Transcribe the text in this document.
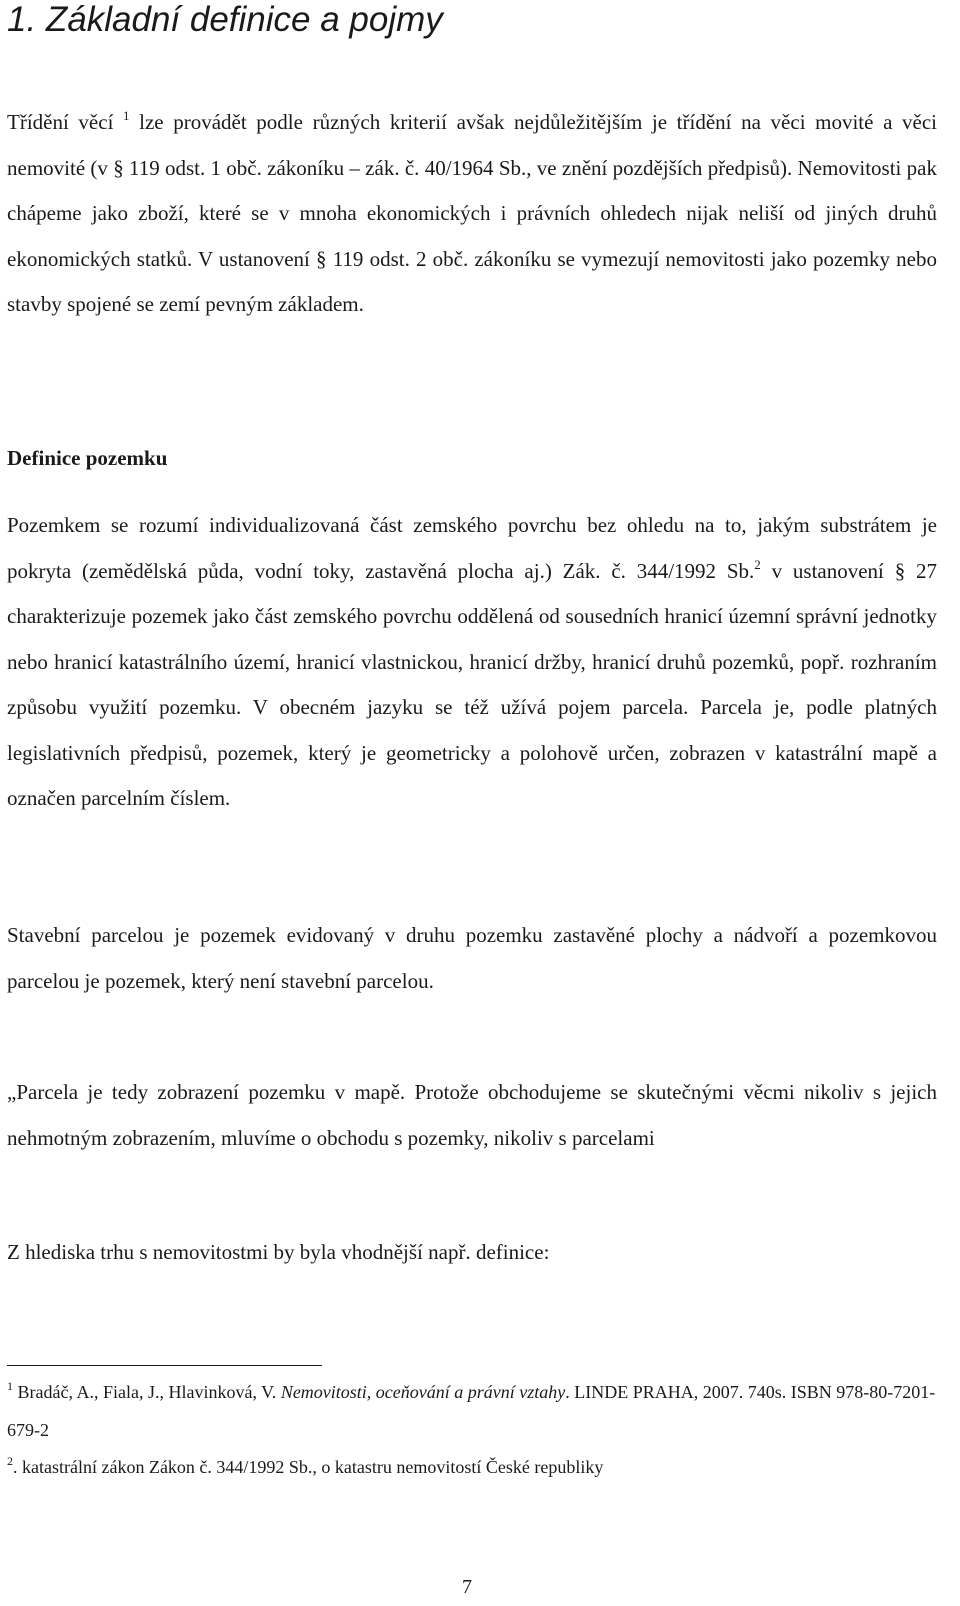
1. Základní definice a pojmy

Třídění věcí $^1$ lze provádět podle různých kriterií avšak nejdůležitějším je třídění na věci movité a věci nemovité (v § 119 odst. 1 obč. zákoníku – zák. č. 40/1964 Sb., ve znění pozdějších předpisů). Nemovitosti pak chápeme jako zboží, které se v mnoha ekonomických i právních ohledech nijak neliší od jiných druhů ekonomických statků. V ustanovení § 119 odst. 2 obč. zákoníku se vymezují nemovitosti jako pozemky nebo stavby spojené se zemí pevným základem.

Definice pozemku

Pozemkem se rozumí individualizovaná část zemského povrchu bez ohledu na to, jakým substrátem je pokryta (zemědělská půda, vodní toky, zastavěná plocha aj.) Zák. č. 344/1992 Sb.$^2$ v ustanovení § 27 charakterizuje pozemek jako část zemského povrchu oddělená od sousedních hranicí územní správní jednotky nebo hranicí katastrálního území, hranicí vlastnickou, hranicí držby, hranicí druhů pozemků, popř. rozhraním způsobu využití pozemku. V obecném jazyku se též užívá pojem parcela. Parcela je, podle platných legislativních předpisů, pozemek, který je geometricky a polohově určen, zobrazen v katastrální mapě a označen parcelním číslem.

Stavební parcelou je pozemek evidovaný v druhu pozemku zastavěné plochy a nádvoří a pozemkovou parcelou je pozemek, který není stavební parcelou.

„Parcela je tedy zobrazení pozemku v mapě. Protože obchodujeme se skutečnými věcmi nikoliv s jejich nehmotným zobrazením, mluvíme o obchodu s pozemky, nikoliv s parcelami

Z hlediska trhu s nemovitostmi by byla vhodnější např. definice:

$^1$ Bradáč, A., Fiala, J., Hlavinková, V. Nemovitosti, oceňování a právní vztahy. LINDE PRAHA, 2007. 740s. ISBN 978-80-7201-679-2

$^2$. katastrální zákon Zákon č. 344/1992 Sb., o katastru nemovitostí České republiky

7
